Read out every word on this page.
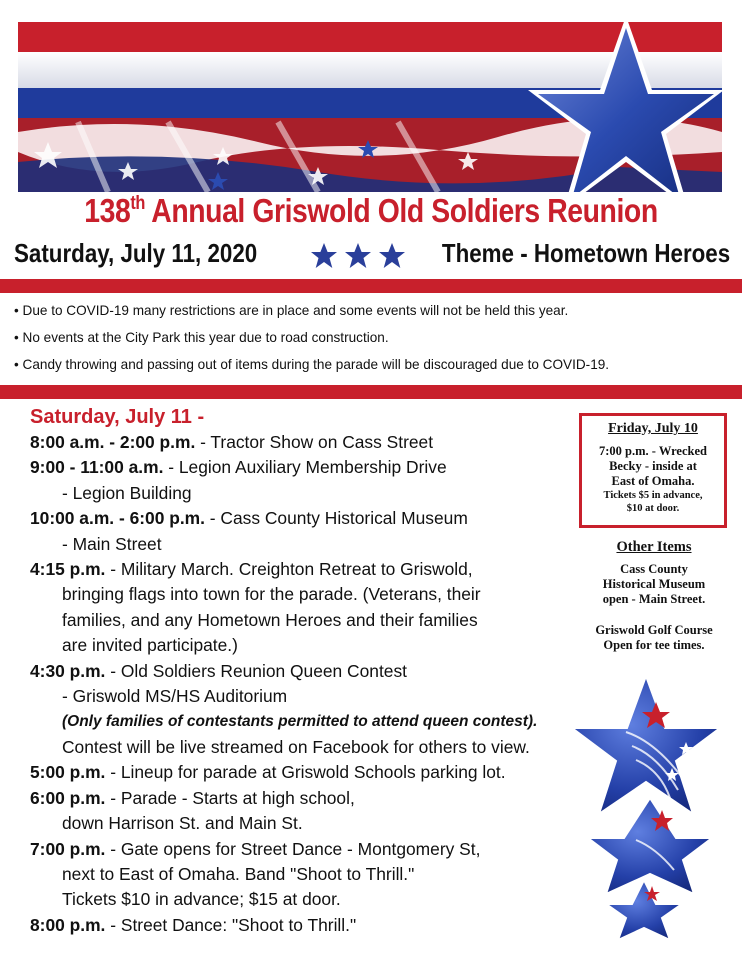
138th Annual Griswold Old Soldiers Reunion
Saturday, July 11, 2020	Theme - Hometown Heroes
• Due to COVID-19 many restrictions are in place and some events will not be held this year.
• No events at the City Park this year due to road construction.
• Candy throwing and passing out of items during the parade will be discouraged due to COVID-19.
Saturday, July 11 -
8:00 a.m. - 2:00 p.m. - Tractor Show on Cass Street
9:00 - 11:00 a.m. - Legion Auxiliary Membership Drive
- Legion Building
10:00 a.m. - 6:00 p.m. - Cass County Historical Museum
- Main Street
4:15 p.m. - Military March. Creighton Retreat to Griswold,
bringing flags into town for the parade. (Veterans, their
families, and any Hometown Heroes and their families
are invited participate.)
4:30 p.m. - Old Soldiers Reunion Queen Contest
- Griswold MS/HS Auditorium
(Only families of contestants permitted to attend queen contest).
Contest will be live streamed on Facebook for others to view.
5:00 p.m. - Lineup for parade at Griswold Schools parking lot.
6:00 p.m. - Parade - Starts at high school,
down Harrison St. and Main St.
7:00 p.m. - Gate opens for Street Dance - Montgomery St,
next to East of Omaha. Band "Shoot to Thrill."
Tickets $10 in advance; $15 at door.
8:00 p.m. - Street Dance: "Shoot to Thrill."
Friday, July 10
7:00 p.m. - Wrecked
Becky - inside at
East of Omaha.
Tickets $5 in advance,
$10 at door.
Other Items
Cass County
Historical Museum
open - Main Street.
Griswold Golf Course
Open for tee times.
